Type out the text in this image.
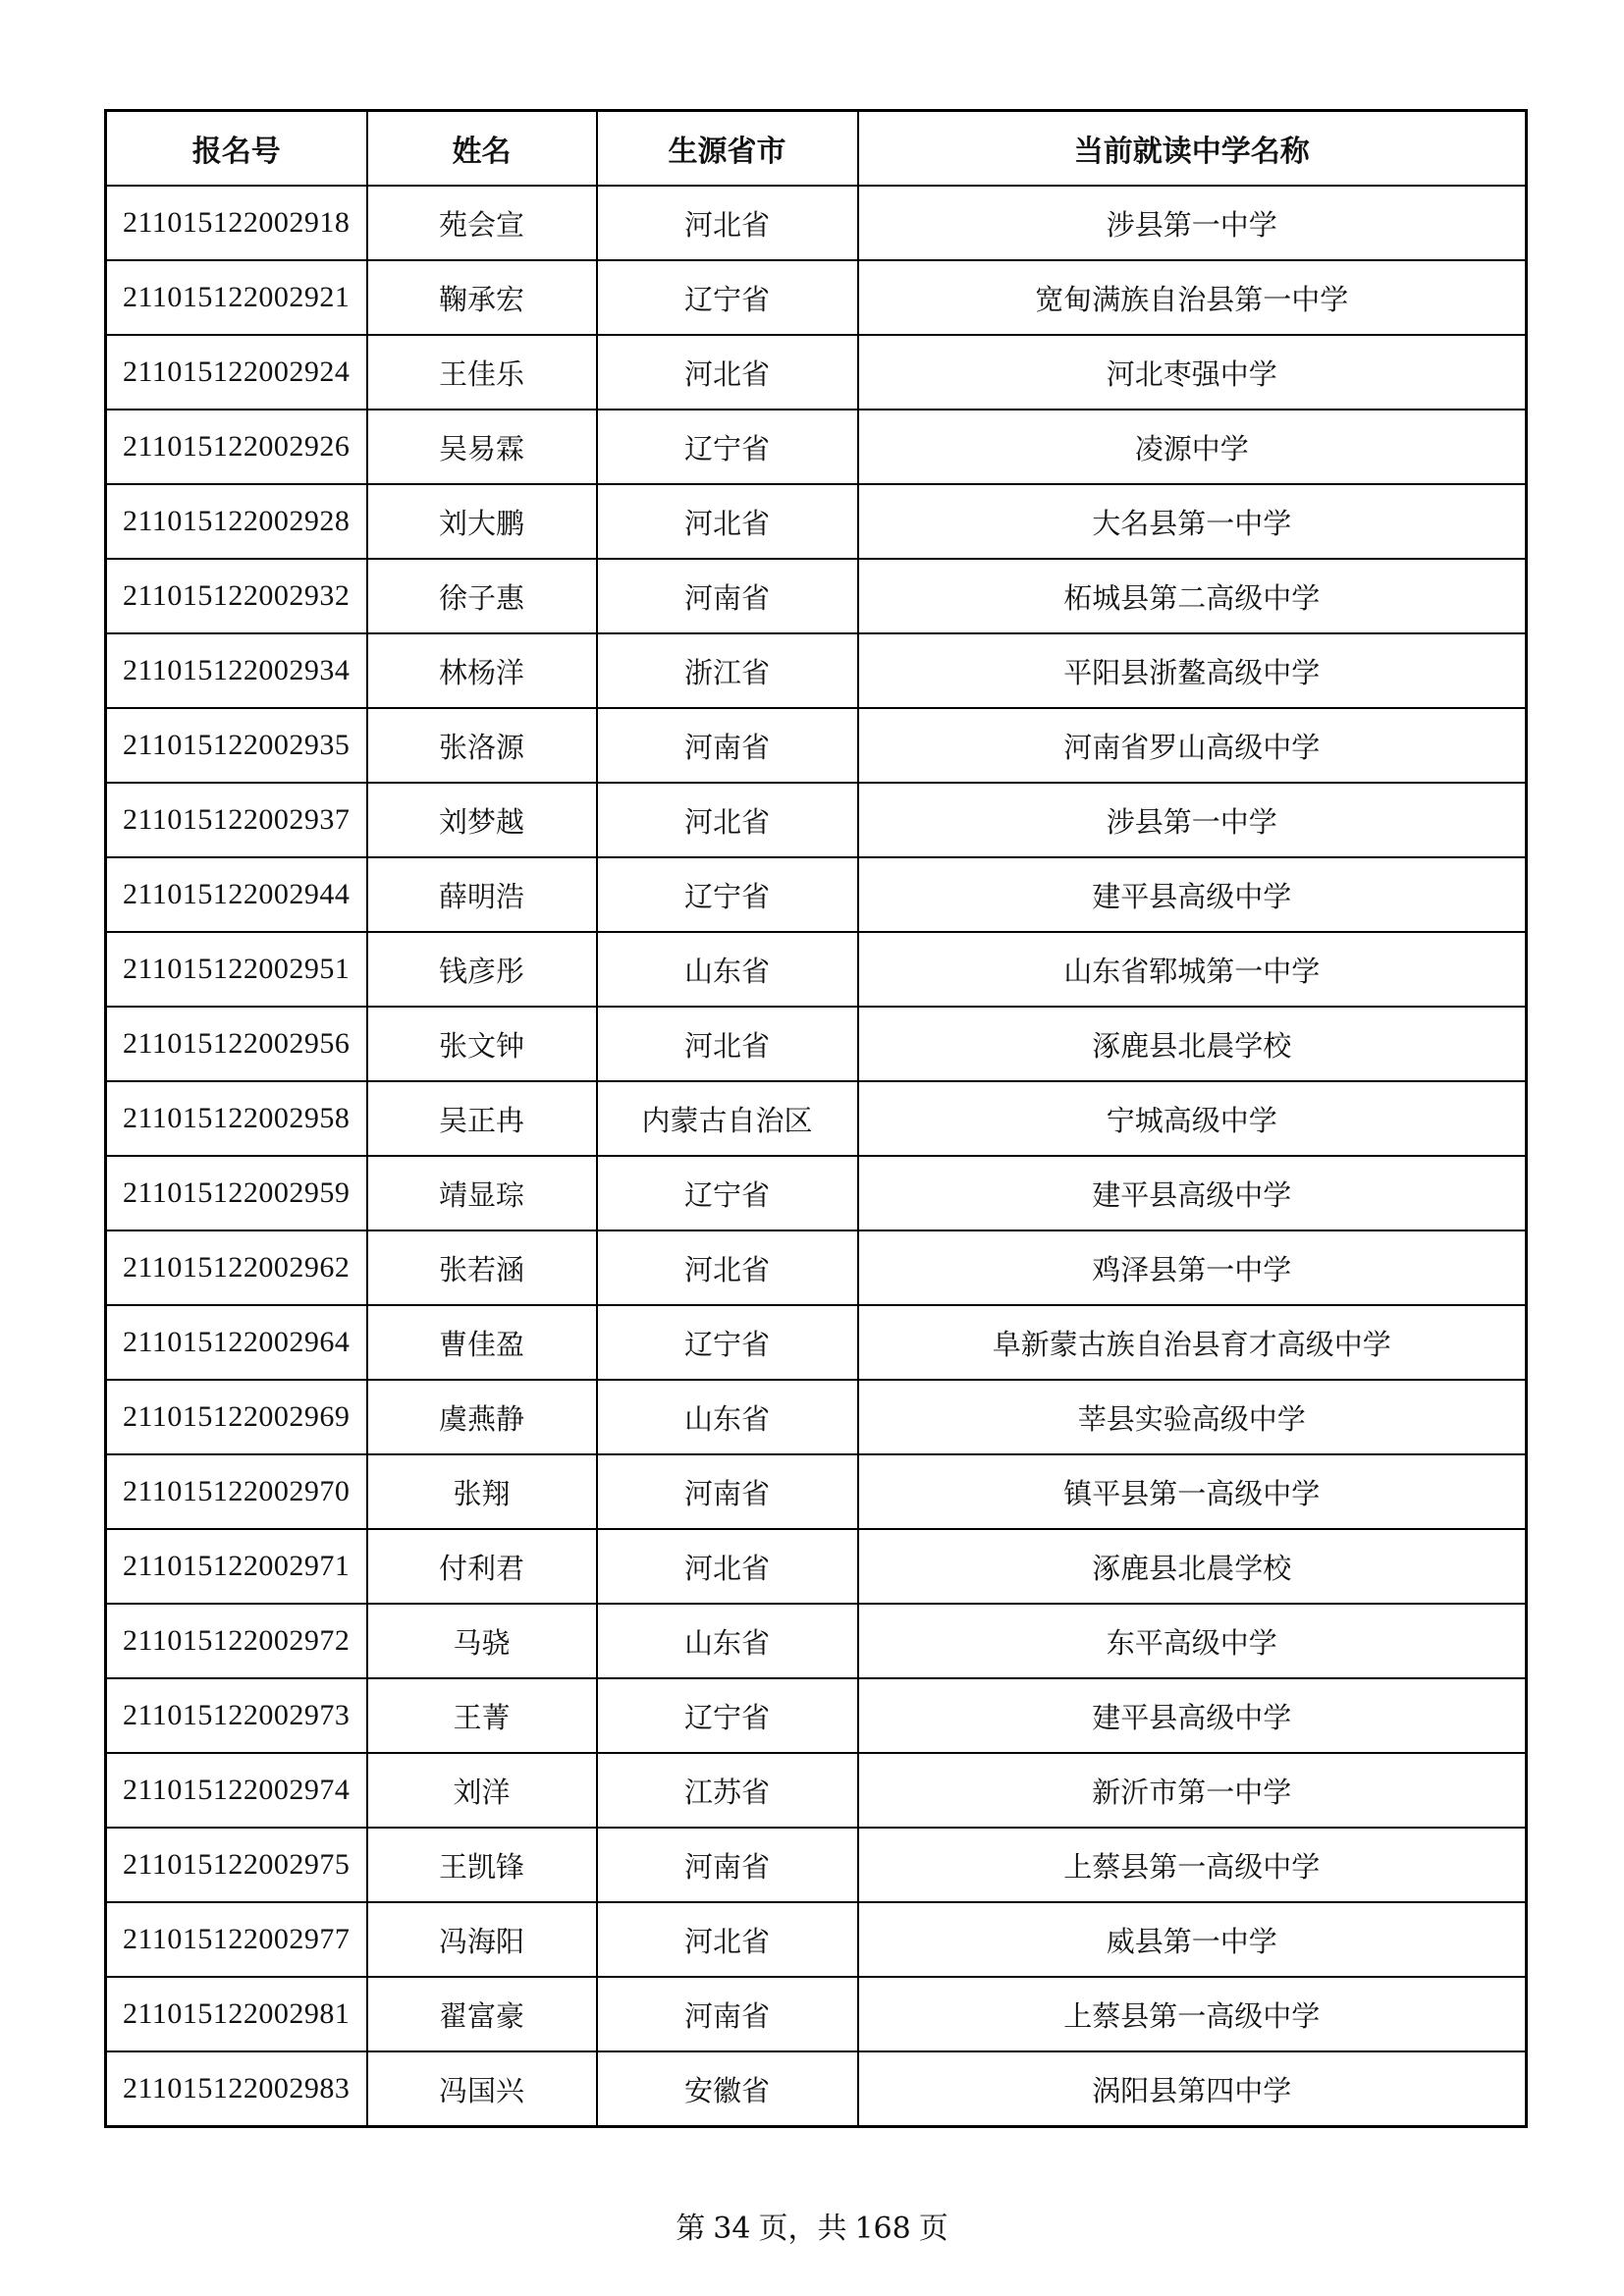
报名号	姓名	生源省市	当前就读中学名称
211015122002918	苑会宣	河北省	涉县第一中学
211015122002921	鞠承宏	辽宁省	宽甸满族自治县第一中学
211015122002924	王佳乐	河北省	河北枣强中学
211015122002926	吴易霖	辽宁省	凌源中学
211015122002928	刘大鹏	河北省	大名县第一中学
211015122002932	徐子惠	河南省	柘城县第二高级中学
211015122002934	林杨洋	浙江省	平阳县浙鳌高级中学
211015122002935	张洛源	河南省	河南省罗山高级中学
211015122002937	刘梦越	河北省	涉县第一中学
211015122002944	薛明浩	辽宁省	建平县高级中学
211015122002951	钱彦彤	山东省	山东省郓城第一中学
211015122002956	张文钟	河北省	涿鹿县北晨学校
211015122002958	吴正冉	内蒙古自治区	宁城高级中学
211015122002959	靖显琮	辽宁省	建平县高级中学
211015122002962	张若涵	河北省	鸡泽县第一中学
211015122002964	曹佳盈	辽宁省	阜新蒙古族自治县育才高级中学
211015122002969	虞燕静	山东省	莘县实验高级中学
211015122002970	张翔	河南省	镇平县第一高级中学
211015122002971	付利君	河北省	涿鹿县北晨学校
211015122002972	马骁	山东省	东平高级中学
211015122002973	王菁	辽宁省	建平县高级中学
211015122002974	刘洋	江苏省	新沂市第一中学
211015122002975	王凯锋	河南省	上蔡县第一高级中学
211015122002977	冯海阳	河北省	威县第一中学
211015122002981	翟富豪	河南省	上蔡县第一高级中学
211015122002983	冯国兴	安徽省	涡阳县第四中学
第 34 页，共 168 页
